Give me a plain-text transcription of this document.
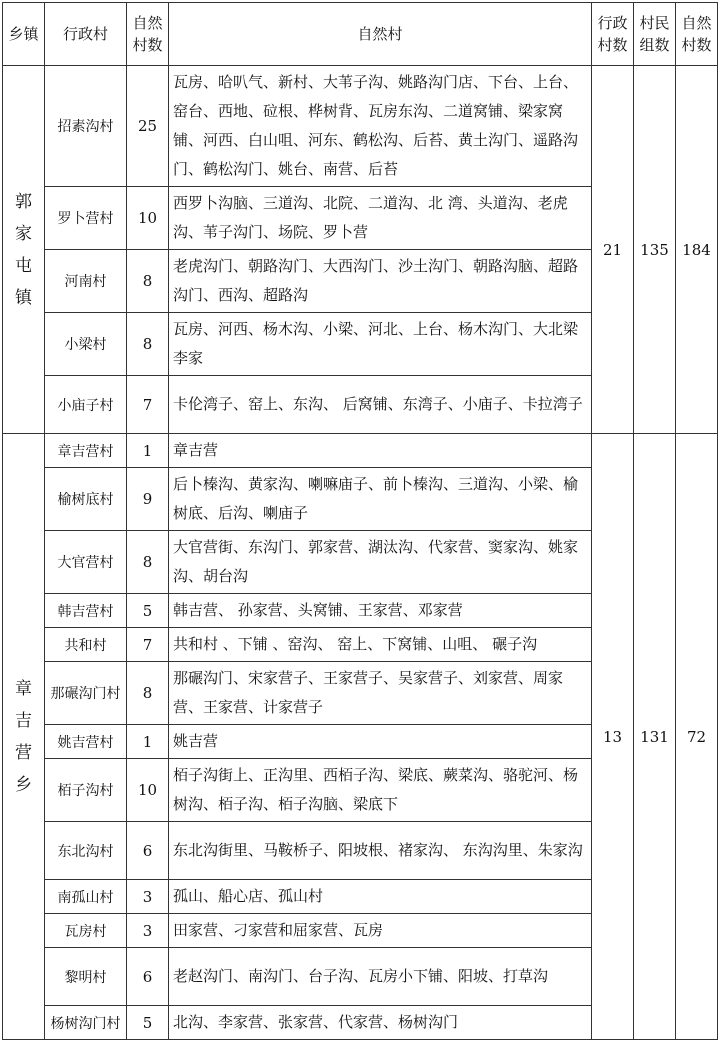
乡镇	行政村	自然村数	自然村	行政村数	村民组数	自然村数
郭家屯镇	招素沟村	25	瓦房、哈叭气、新村、大苇子沟、姚路沟门店、下台、上台、窑台、西地、砬根、桦树背、瓦房东沟、二道窝铺、梁家窝铺、河西、白山咀、河东、鹤松沟、后苔、黄土沟门、遥路沟门、鹤松沟门、姚台、南营、后苔	21	135	184
	罗卜营村	10	西罗卜沟脑、三道沟、北院、二道沟、北 湾、头道沟、老虎沟、苇子沟门、场院、罗卜营			
	河南村	8	老虎沟门、朝路沟门、大西沟门、沙土沟门、朝路沟脑、超路沟门、西沟、超路沟			
	小梁村	8	瓦房、河西、杨木沟、小梁、河北、上台、杨木沟门、大北梁李家			
	小庙子村	7	卡伦湾子、窑上、东沟、 后窝铺、东湾子、小庙子、卡拉湾子			
章吉营乡	章吉营村	1	章吉营	13	131	72
	榆树底村	9	后卜榛沟、黄家沟、喇嘛庙子、前卜榛沟、三道沟、小梁、榆树底、后沟、喇庙子			
	大官营村	8	大官营街、东沟门、郭家营、湖汰沟、代家营、窦家沟、姚家沟、胡台沟			
	韩吉营村	5	韩吉营、 孙家营、头窝铺、王家营、邓家营			
	共和村	7	共和村 、下铺 、窑沟、 窑上、下窝铺、山咀、 碾子沟			
	那碾沟门村	8	那碾沟门、宋家营子、王家营子、吴家营子、刘家营、周家营、王家营、计家营子			
	姚吉营村	1	姚吉营			
	栢子沟村	10	栢子沟街上、正沟里、西栢子沟、梁底、蕨菜沟、骆驼河、杨树沟、栢子沟、栢子沟脑、梁底下			
	东北沟村	6	东北沟街里、马鞍桥子、阳坡根、褚家沟、 东沟沟里、朱家沟			
	南孤山村	3	孤山、船心店、孤山村			
	瓦房村	3	田家营、刁家营和屈家营、瓦房			
	黎明村	6	老赵沟门、南沟门、台子沟、瓦房小下铺、阳坡、打草沟			
	杨树沟门村	5	北沟、李家营、张家营、代家营、杨树沟门			
